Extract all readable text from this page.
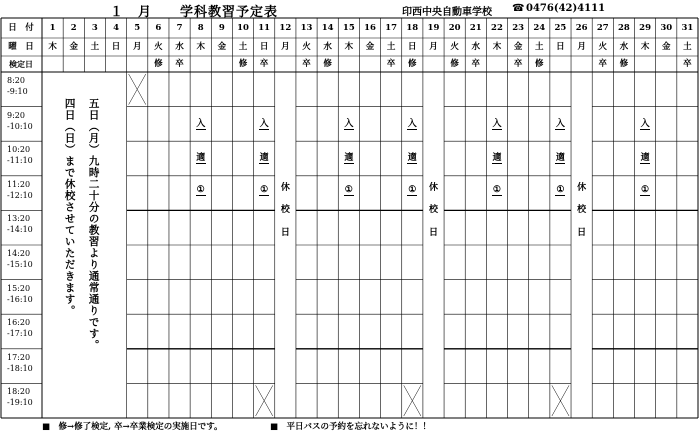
１　月　　学科教習予定表	印西中央自動車学校 ☎ 0476(42)4111
日　付
曜　日
検定日
1
木
2
金
3
土
4
日
5
月
6
火
修
7
水
卒
8
木
9
金
10
土
修
11
日
卒
12
月
13
火
卒
14
水
修
15
木
16
金
17
土
卒
18
日
修
19
月
20
火
修
21
水
卒
22
木
23
金
卒
24
土
修
25
日
26
月
27
火
卒
28
水
修
29
木
30
金
31
土
卒
8:20
-9:10
9:20
-10:10
10:20
-11:10
11:20
-12:10
13:20
-14:10
14:20
-15:10
15:20
-16:10
16:20
-17:10
17:20
-18:10
18:20
-19:10
休

校

日
休

校

日
休

校

日
入
適
①
入
適
①
入
適
①
入
適
①
入
適
①
入
適
①
入
適
①
五日（月）九時二十分の教習より通常通りです。
四日（日）まで休校させていただきます。
■　修→修了検定, 卒→卒業検定の実施日です。	■　平日バスの予約を忘れないように！！
